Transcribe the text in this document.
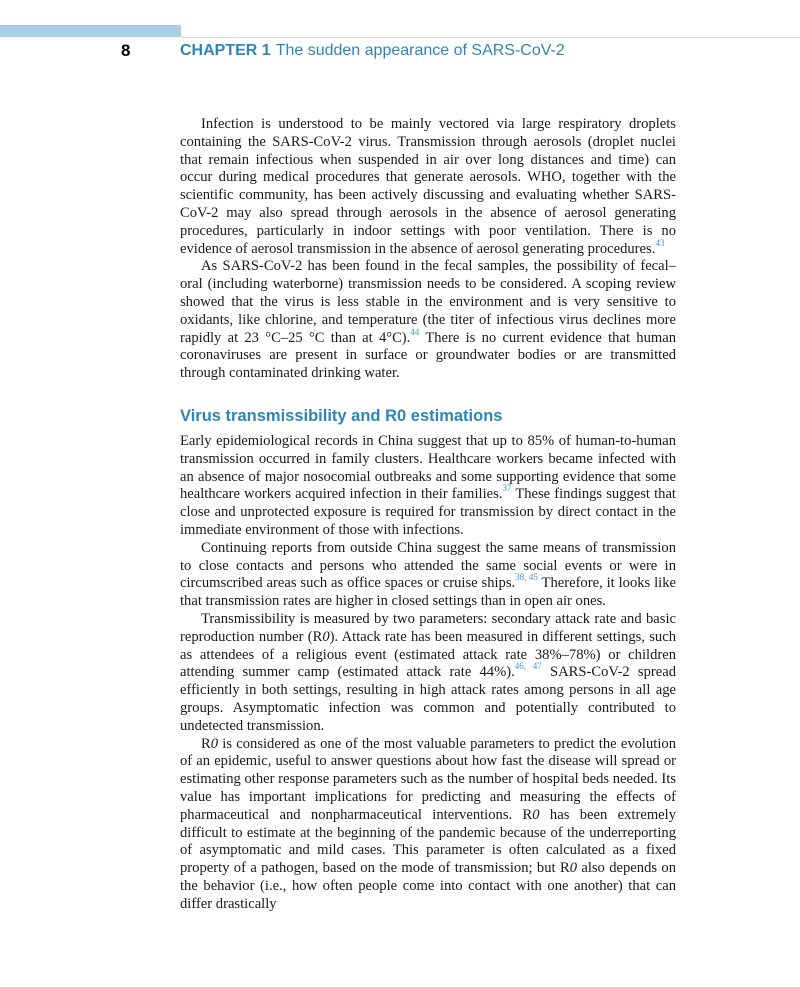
8	CHAPTER 1 The sudden appearance of SARS-CoV-2

Infection is understood to be mainly vectored via large respiratory droplets containing the SARS-CoV-2 virus. Transmission through aerosols (droplet nuclei that remain infectious when suspended in air over long distances and time) can occur during medical procedures that generate aerosols. WHO, together with the scientific community, has been actively discussing and evaluating whether SARS-CoV-2 may also spread through aerosols in the absence of aerosol generating procedures, particularly in indoor settings with poor ventilation. There is no evidence of aerosol transmission in the absence of aerosol generating procedures.$^{43}$

As SARS-CoV-2 has been found in the fecal samples, the possibility of fecal–oral (including waterborne) transmission needs to be considered. A scoping review showed that the virus is less stable in the environment and is very sensitive to oxidants, like chlorine, and temperature (the titer of infectious virus declines more rapidly at 23 °C–25 °C than at 4°C).$^{44}$ There is no current evidence that human coronaviruses are present in surface or groundwater bodies or are transmitted through contaminated drinking water.

Virus transmissibility and R0 estimations

Early epidemiological records in China suggest that up to 85% of human-to-human transmission occurred in family clusters. Healthcare workers became infected with an absence of major nosocomial outbreaks and some supporting evidence that some healthcare workers acquired infection in their families.$^{37}$ These findings suggest that close and unprotected exposure is required for transmission by direct contact in the immediate environment of those with infections.

Continuing reports from outside China suggest the same means of transmission to close contacts and persons who attended the same social events or were in circumscribed areas such as office spaces or cruise ships.$^{38, 45}$ Therefore, it looks like that transmission rates are higher in closed settings than in open air ones.

Transmissibility is measured by two parameters: secondary attack rate and basic reproduction number (R0). Attack rate has been measured in different settings, such as attendees of a religious event (estimated attack rate 38%–78%) or children attending summer camp (estimated attack rate 44%).$^{46, 47}$ SARS-CoV-2 spread efficiently in both settings, resulting in high attack rates among persons in all age groups. Asymptomatic infection was common and potentially contributed to undetected transmission.

R0 is considered as one of the most valuable parameters to predict the evolution of an epidemic, useful to answer questions about how fast the disease will spread or estimating other response parameters such as the number of hospital beds needed. Its value has important implications for predicting and measuring the effects of pharmaceutical and nonpharmaceutical interventions. R0 has been extremely difficult to estimate at the beginning of the pandemic because of the underreporting of asymptomatic and mild cases. This parameter is often calculated as a fixed property of a pathogen, based on the mode of transmission; but R0 also depends on the behavior (i.e., how often people come into contact with one another) that can differ drastically
